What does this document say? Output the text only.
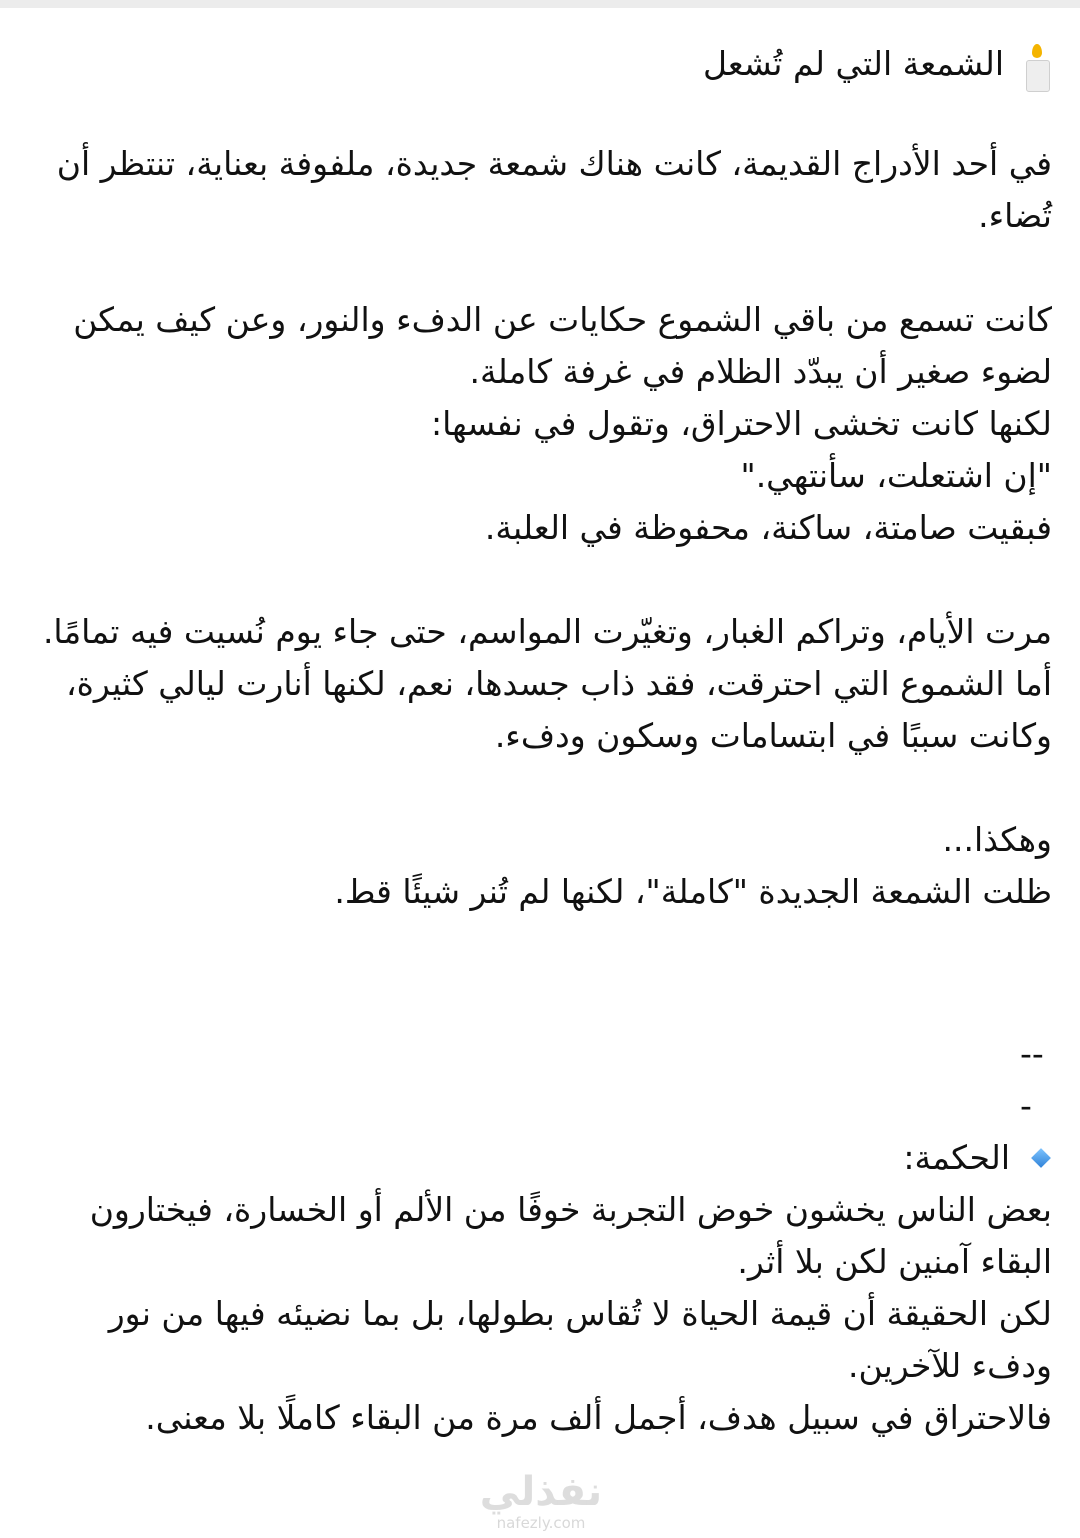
الشمعة التي لم تُشعل

في أحد الأدراج القديمة، كانت هناك شمعة جديدة، ملفوفة بعناية، تنتظر أن تُضاء.

كانت تسمع من باقي الشموع حكايات عن الدفء والنور، وعن كيف يمكن لضوء صغير أن يبدّد الظلام في غرفة كاملة.

لكنها كانت تخشى الاحتراق، وتقول في نفسها:

"إن اشتعلت، سأنتهي."

فبقيت صامتة، ساكنة، محفوظة في العلبة.

مرت الأيام، وتراكم الغبار، وتغيّرت المواسم، حتى جاء يوم نُسيت فيه تمامًا.

أما الشموع التي احترقت، فقد ذاب جسدها، نعم، لكنها أنارت ليالي كثيرة، وكانت سببًا في ابتسامات وسكون ودفء.

وهكذا...

ظلت الشمعة الجديدة "كاملة"، لكنها لم تُنر شيئًا قط.

---
الحكمة:

بعض الناس يخشون خوض التجربة خوفًا من الألم أو الخسارة، فيختارون البقاء آمنين لكن بلا أثر.

لكن الحقيقة أن قيمة الحياة لا تُقاس بطولها، بل بما نضيئه فيها من نور ودفء للآخرين.

فالاحتراق في سبيل هدف، أجمل ألف مرة من البقاء كاملًا بلا معنى.

نفذلي
nafezly.com
